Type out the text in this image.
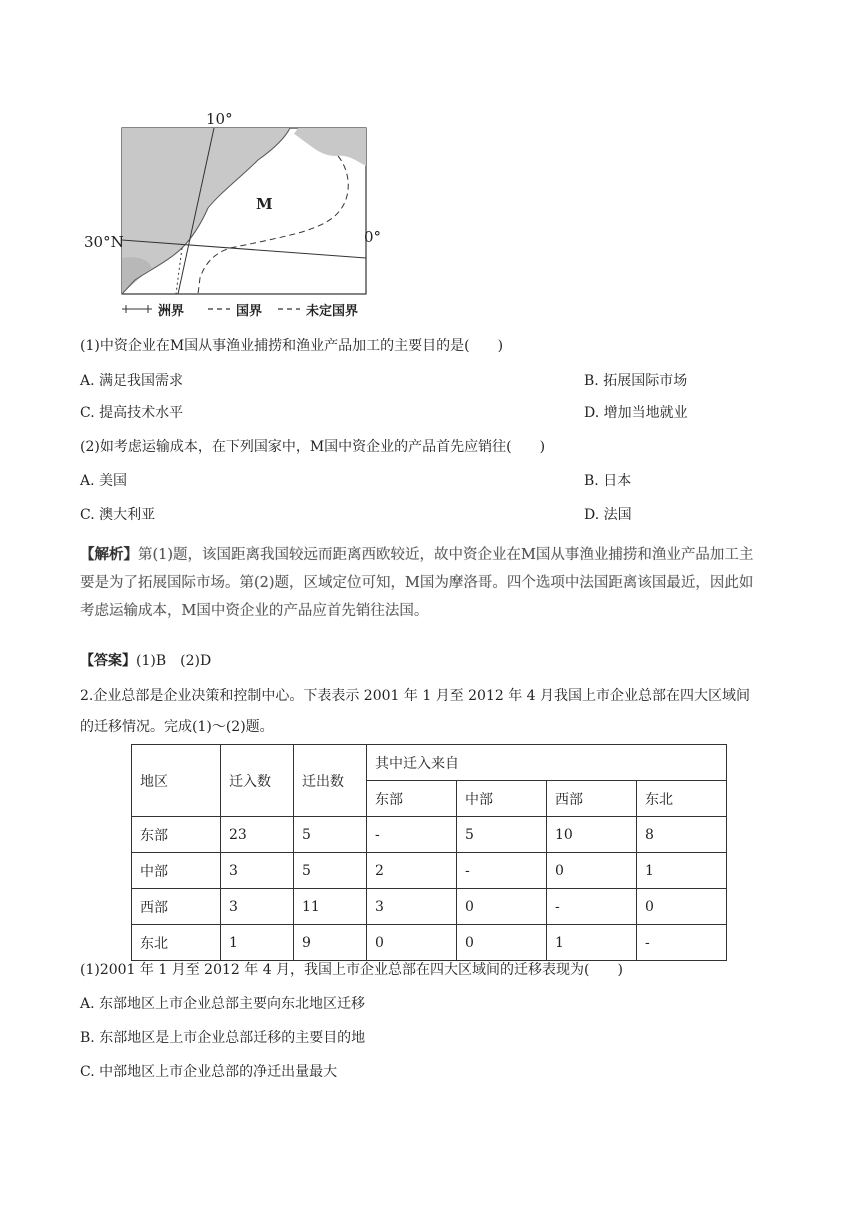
10°
30°N	0°
M
洲界	国界	未定国界
(1)中资企业在M国从事渔业捕捞和渔业产品加工的主要目的是(　　)
A. 满足我国需求	B. 拓展国际市场
C. 提高技术水平	D. 增加当地就业
(2)如考虑运输成本，在下列国家中，M国中资企业的产品首先应销往(　　)
A. 美国	B. 日本
C. 澳大利亚	D. 法国
【解析】第(1)题，该国距离我国较远而距离西欧较近，故中资企业在M国从事渔业捕捞和渔业产品加工主
要是为了拓展国际市场。第(2)题，区域定位可知，M国为摩洛哥。四个选项中法国距离该国最近，因此如
考虑运输成本，M国中资企业的产品应首先销往法国。
【答案】(1)B　(2)D
2.企业总部是企业决策和控制中心。下表表示 2001 年 1 月至 2012 年 4 月我国上市企业总部在四大区域间
的迁移情况。完成(1)～(2)题。
地区	迁入数	迁出数	其中迁入来自			
			东部	中部	西部	东北
东部	23	5	-	5	10	8
中部	3	5	2	-	0	1
西部	3	11	3	0	-	0
东北	1	9	0	0	1	-
(1)2001 年 1 月至 2012 年 4 月，我国上市企业总部在四大区域间的迁移表现为(　　)
A. 东部地区上市企业总部主要向东北地区迁移
B. 东部地区是上市企业总部迁移的主要目的地
C. 中部地区上市企业总部的净迁出量最大
